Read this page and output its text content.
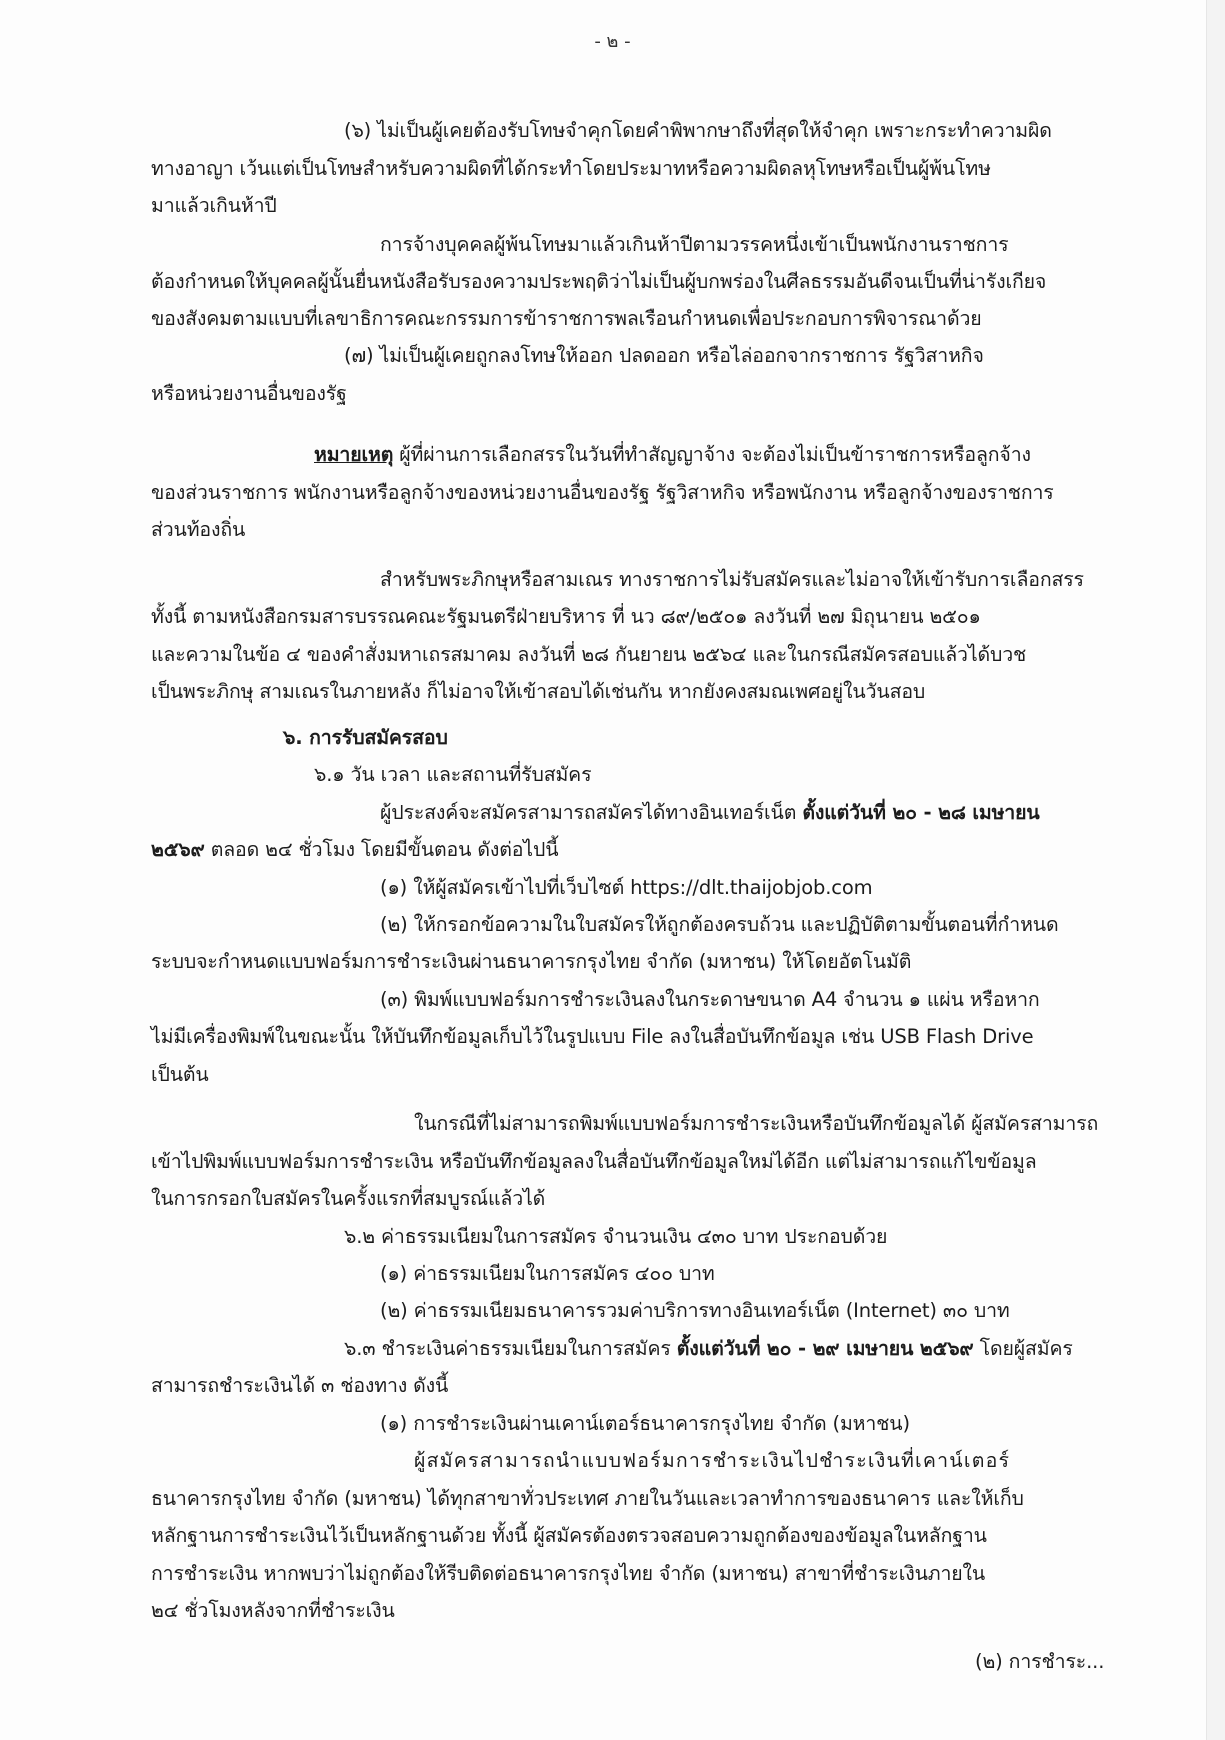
- ๒ -
(๖) ไม่เป็นผู้เคยต้องรับโทษจำคุกโดยคำพิพากษาถึงที่สุดให้จำคุก เพราะกระทำความผิด
ทางอาญา เว้นแต่เป็นโทษสำหรับความผิดที่ได้กระทำโดยประมาทหรือความผิดลหุโทษหรือเป็นผู้พ้นโทษ
มาแล้วเกินห้าปี
การจ้างบุคคลผู้พ้นโทษมาแล้วเกินห้าปีตามวรรคหนึ่งเข้าเป็นพนักงานราชการ
ต้องกำหนดให้บุคคลผู้นั้นยื่นหนังสือรับรองความประพฤติว่าไม่เป็นผู้บกพร่องในศีลธรรมอันดีจนเป็นที่น่ารังเกียจ
ของสังคมตามแบบที่เลขาธิการคณะกรรมการข้าราชการพลเรือนกำหนดเพื่อประกอบการพิจารณาด้วย
(๗) ไม่เป็นผู้เคยถูกลงโทษให้ออก ปลดออก หรือไล่ออกจากราชการ รัฐวิสาหกิจ
หรือหน่วยงานอื่นของรัฐ
หมายเหตุ ผู้ที่ผ่านการเลือกสรรในวันที่ทำสัญญาจ้าง จะต้องไม่เป็นข้าราชการหรือลูกจ้าง
ของส่วนราชการ พนักงานหรือลูกจ้างของหน่วยงานอื่นของรัฐ รัฐวิสาหกิจ หรือพนักงาน หรือลูกจ้างของราชการ
ส่วนท้องถิ่น
สำหรับพระภิกษุหรือสามเณร ทางราชการไม่รับสมัครและไม่อาจให้เข้ารับการเลือกสรร
ทั้งนี้ ตามหนังสือกรมสารบรรณคณะรัฐมนตรีฝ่ายบริหาร ที่ นว ๘๙/๒๕๐๑ ลงวันที่ ๒๗ มิถุนายน ๒๕๐๑
และความในข้อ ๔ ของคำสั่งมหาเถรสมาคม ลงวันที่ ๒๘ กันยายน ๒๕๖๔ และในกรณีสมัครสอบแล้วได้บวช
เป็นพระภิกษุ สามเณรในภายหลัง ก็ไม่อาจให้เข้าสอบได้เช่นกัน หากยังคงสมณเพศอยู่ในวันสอบ
๖. การรับสมัครสอบ
๖.๑ วัน เวลา และสถานที่รับสมัคร
ผู้ประสงค์จะสมัครสามารถสมัครได้ทางอินเทอร์เน็ต ตั้งแต่วันที่ ๒๐ - ๒๘ เมษายน
๒๕๖๙ ตลอด ๒๔ ชั่วโมง โดยมีขั้นตอน ดังต่อไปนี้
(๑) ให้ผู้สมัครเข้าไปที่เว็บไซต์ https://dlt.thaijobjob.com
(๒) ให้กรอกข้อความในใบสมัครให้ถูกต้องครบถ้วน และปฏิบัติตามขั้นตอนที่กำหนด
ระบบจะกำหนดแบบฟอร์มการชำระเงินผ่านธนาคารกรุงไทย จำกัด (มหาชน) ให้โดยอัตโนมัติ
(๓) พิมพ์แบบฟอร์มการชำระเงินลงในกระดาษขนาด A4 จำนวน ๑ แผ่น หรือหาก
ไม่มีเครื่องพิมพ์ในขณะนั้น ให้บันทึกข้อมูลเก็บไว้ในรูปแบบ File ลงในสื่อบันทึกข้อมูล เช่น USB Flash Drive
เป็นต้น
ในกรณีที่ไม่สามารถพิมพ์แบบฟอร์มการชำระเงินหรือบันทึกข้อมูลได้ ผู้สมัครสามารถ
เข้าไปพิมพ์แบบฟอร์มการชำระเงิน หรือบันทึกข้อมูลลงในสื่อบันทึกข้อมูลใหม่ได้อีก แต่ไม่สามารถแก้ไขข้อมูล
ในการกรอกใบสมัครในครั้งแรกที่สมบูรณ์แล้วได้
๖.๒ ค่าธรรมเนียมในการสมัคร จำนวนเงิน ๔๓๐ บาท ประกอบด้วย
(๑) ค่าธรรมเนียมในการสมัคร ๔๐๐ บาท
(๒) ค่าธรรมเนียมธนาคารรวมค่าบริการทางอินเทอร์เน็ต (Internet) ๓๐ บาท
๖.๓ ชำระเงินค่าธรรมเนียมในการสมัคร ตั้งแต่วันที่ ๒๐ - ๒๙ เมษายน ๒๕๖๙ โดยผู้สมัคร
สามารถชำระเงินได้ ๓ ช่องทาง ดังนี้
(๑) การชำระเงินผ่านเคาน์เตอร์ธนาคารกรุงไทย จำกัด (มหาชน)
ผู้สมัครสามารถนำแบบฟอร์มการชำระเงินไปชำระเงินที่เคาน์เตอร์
ธนาคารกรุงไทย จำกัด (มหาชน) ได้ทุกสาขาทั่วประเทศ ภายในวันและเวลาทำการของธนาคาร และให้เก็บ
หลักฐานการชำระเงินไว้เป็นหลักฐานด้วย ทั้งนี้ ผู้สมัครต้องตรวจสอบความถูกต้องของข้อมูลในหลักฐาน
การชำระเงิน หากพบว่าไม่ถูกต้องให้รีบติดต่อธนาคารกรุงไทย จำกัด (มหาชน) สาขาที่ชำระเงินภายใน
๒๔ ชั่วโมงหลังจากที่ชำระเงิน
(๒) การชำระ...
